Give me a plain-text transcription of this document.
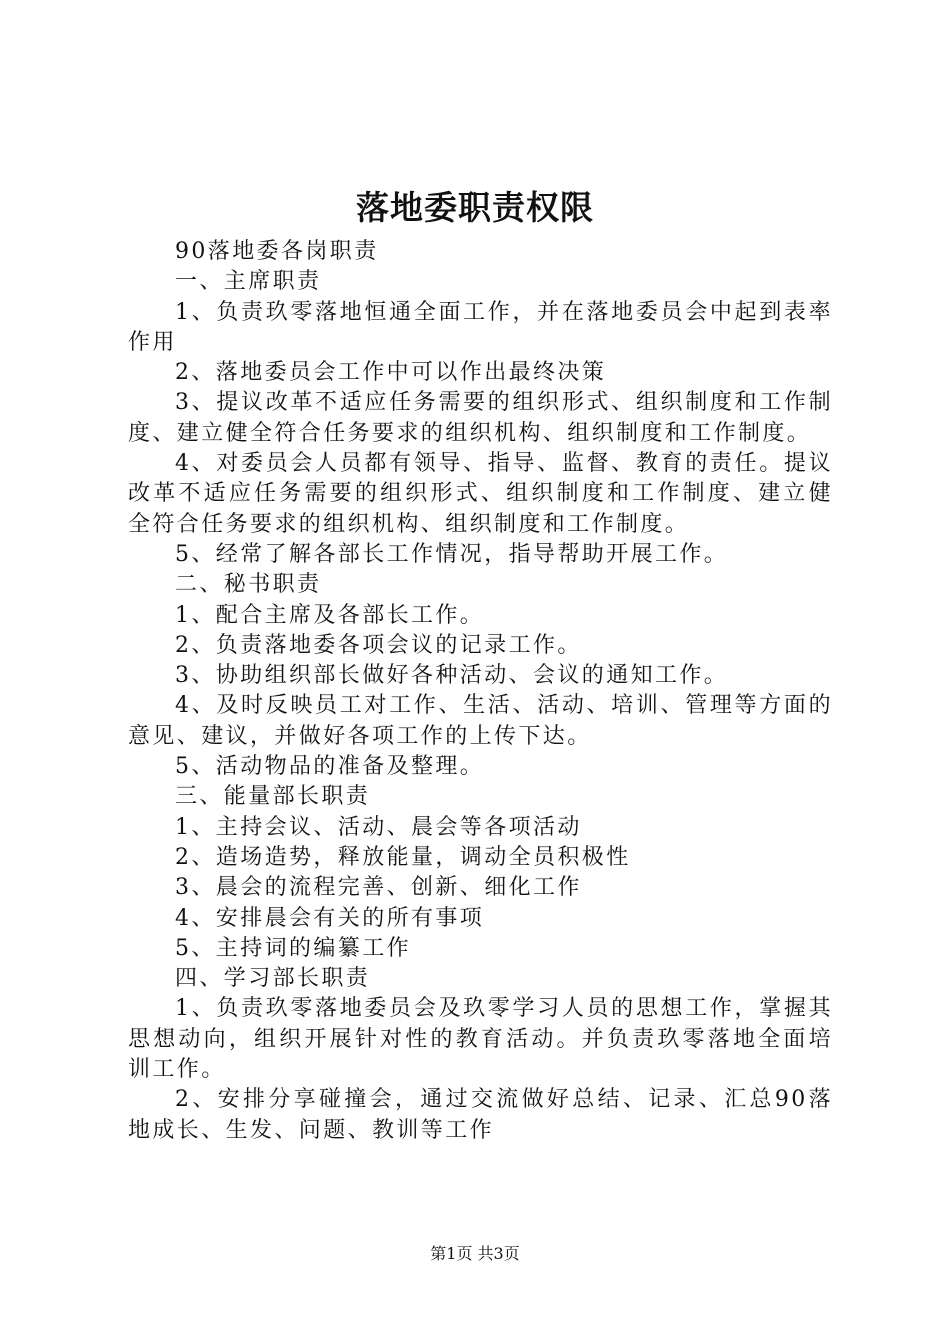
落地委职责权限

90落地委各岗职责

一、主席职责

1、负责玖零落地恒通全面工作，并在落地委员会中起到表率作用

2、落地委员会工作中可以作出最终决策

3、提议改革不适应任务需要的组织形式、组织制度和工作制度、建立健全符合任务要求的组织机构、组织制度和工作制度。

4、对委员会人员都有领导、指导、监督、教育的责任。提议改革不适应任务需要的组织形式、组织制度和工作制度、建立健全符合任务要求的组织机构、组织制度和工作制度。

5、经常了解各部长工作情况，指导帮助开展工作。

二、秘书职责

1、配合主席及各部长工作。

2、负责落地委各项会议的记录工作。

3、协助组织部长做好各种活动、会议的通知工作。

4、及时反映员工对工作、生活、活动、培训、管理等方面的意见、建议，并做好各项工作的上传下达。

5、活动物品的准备及整理。

三、能量部长职责

1、主持会议、活动、晨会等各项活动

2、造场造势，释放能量，调动全员积极性

3、晨会的流程完善、创新、细化工作

4、安排晨会有关的所有事项

5、主持词的编纂工作

四、学习部长职责

1、负责玖零落地委员会及玖零学习人员的思想工作，掌握其思想动向，组织开展针对性的教育活动。并负责玖零落地全面培训工作。

2、安排分享碰撞会，通过交流做好总结、记录、汇总90落地成长、生发、问题、教训等工作

第1页 共3页
